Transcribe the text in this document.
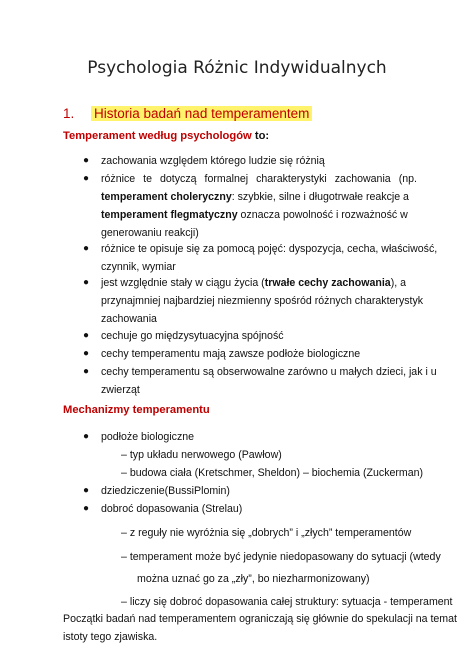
Psychologia Różnic Indywidualnych
1. Historia badań nad temperamentem
Temperament według psychologów to:
● zachowania względem którego ludzie się różnią
● różnice te dotyczą formalnej charakterystyki zachowania (np.
temperament choleryczny: szybkie, silne i długotrwałe reakcje a
temperament flegmatyczny oznacza powolność i rozważność w
generowaniu reakcji)
● różnice te opisuje się za pomocą pojęć: dyspozycja, cecha, właściwość,
czynnik, wymiar
● jest względnie stały w ciągu życia (trwałe cechy zachowania), a
przynajmniej najbardziej niezmienny spośród różnych charakterystyk
zachowania
● cechuje go międzysytuacyjna spójność
● cechy temperamentu mają zawsze podłoże biologiczne
● cechy temperamentu są obserwowalne zarówno u małych dzieci, jak i u
zwierząt
Mechanizmy temperamentu
● podłoże biologiczne
– typ układu nerwowego (Pawłow)
– budowa ciała (Kretschmer, Sheldon) – biochemia (Zuckerman)
● dziedziczenie(BussiPlomin)
● dobroć dopasowania (Strelau)
– z reguły nie wyróżnia się „dobrych” i „złych” temperamentów
– temperament może być jedynie niedopasowany do sytuacji (wtedy
można uznać go za „zły”, bo niezharmonizowany)
– liczy się dobroć dopasowania całej struktury: sytuacja - temperament
Początki badań nad temperamentem ograniczają się głównie do spekulacji na temat
istoty tego zjawiska.
